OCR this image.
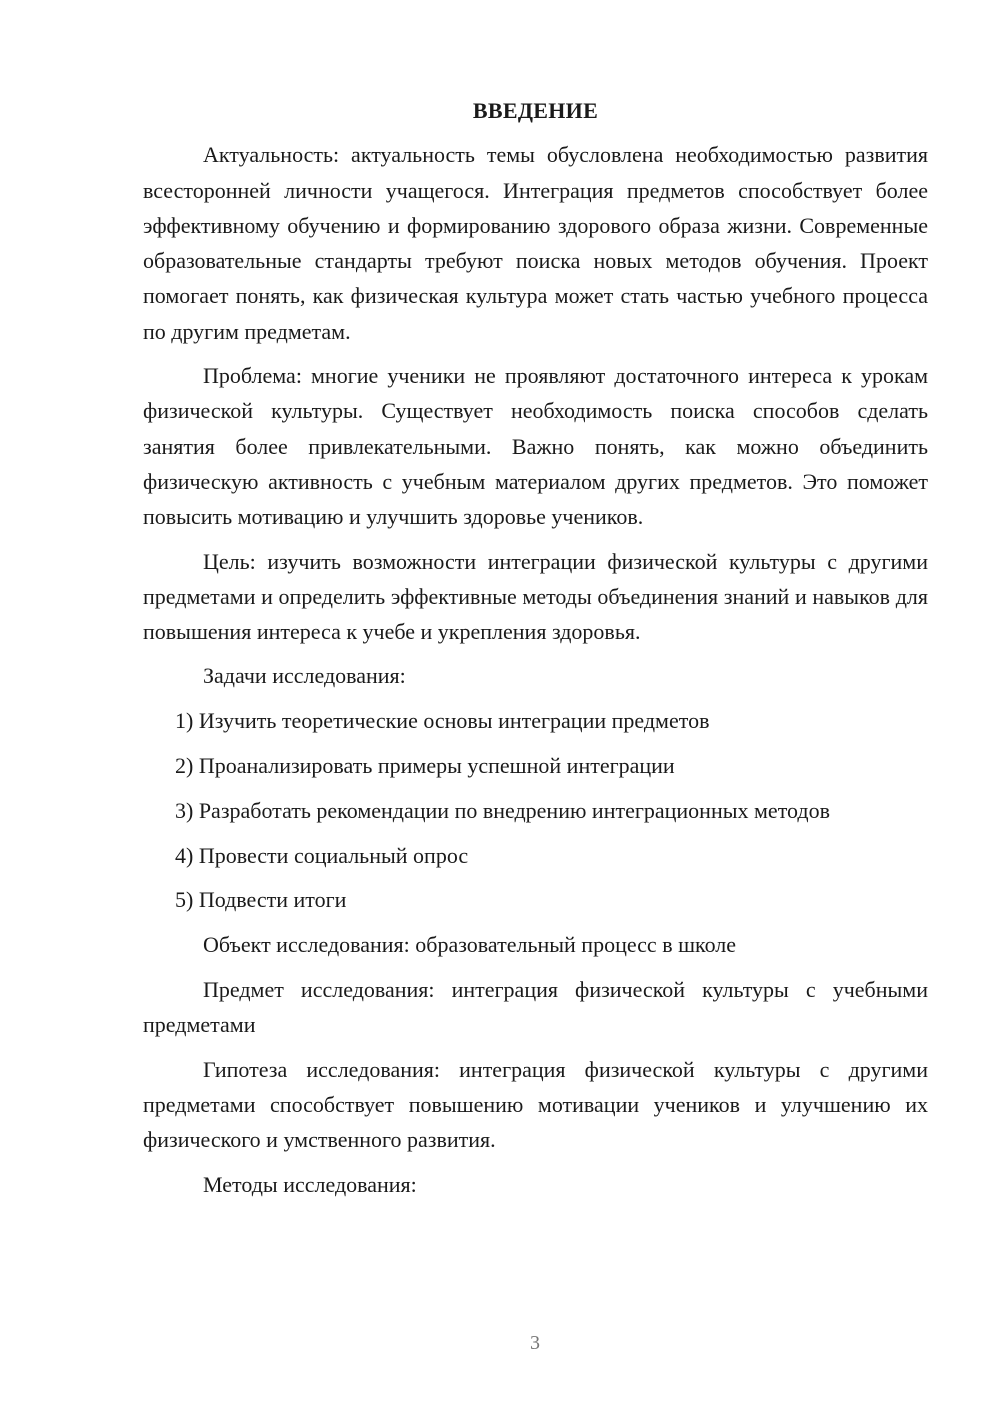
ВВЕДЕНИЕ

Актуальность: актуальность темы обусловлена необходимостью развития всесторонней личности учащегося. Интеграция предметов способствует более эффективному обучению и формированию здорового образа жизни. Современные образовательные стандарты требуют поиска новых методов обучения. Проект помогает понять, как физическая культура может стать частью учебного процесса по другим предметам.

Проблема: многие ученики не проявляют достаточного интереса к урокам физической культуры. Существует необходимость поиска способов сделать занятия более привлекательными. Важно понять, как можно объединить физическую активность с учебным материалом других предметов. Это поможет повысить мотивацию и улучшить здоровье учеников.

Цель: изучить возможности интеграции физической культуры с другими предметами и определить эффективные методы объединения знаний и навыков для повышения интереса к учебе и укрепления здоровья.

Задачи исследования:

1) Изучить теоретические основы интеграции предметов

2) Проанализировать примеры успешной интеграции

3) Разработать рекомендации по внедрению интеграционных методов

4) Провести социальный опрос

5) Подвести итоги

Объект исследования: образовательный процесс в школе

Предмет исследования: интеграция физической культуры с учебными предметами

Гипотеза исследования: интеграция физической культуры с другими предметами способствует повышению мотивации учеников и улучшению их физического и умственного развития.

Методы исследования:

3
